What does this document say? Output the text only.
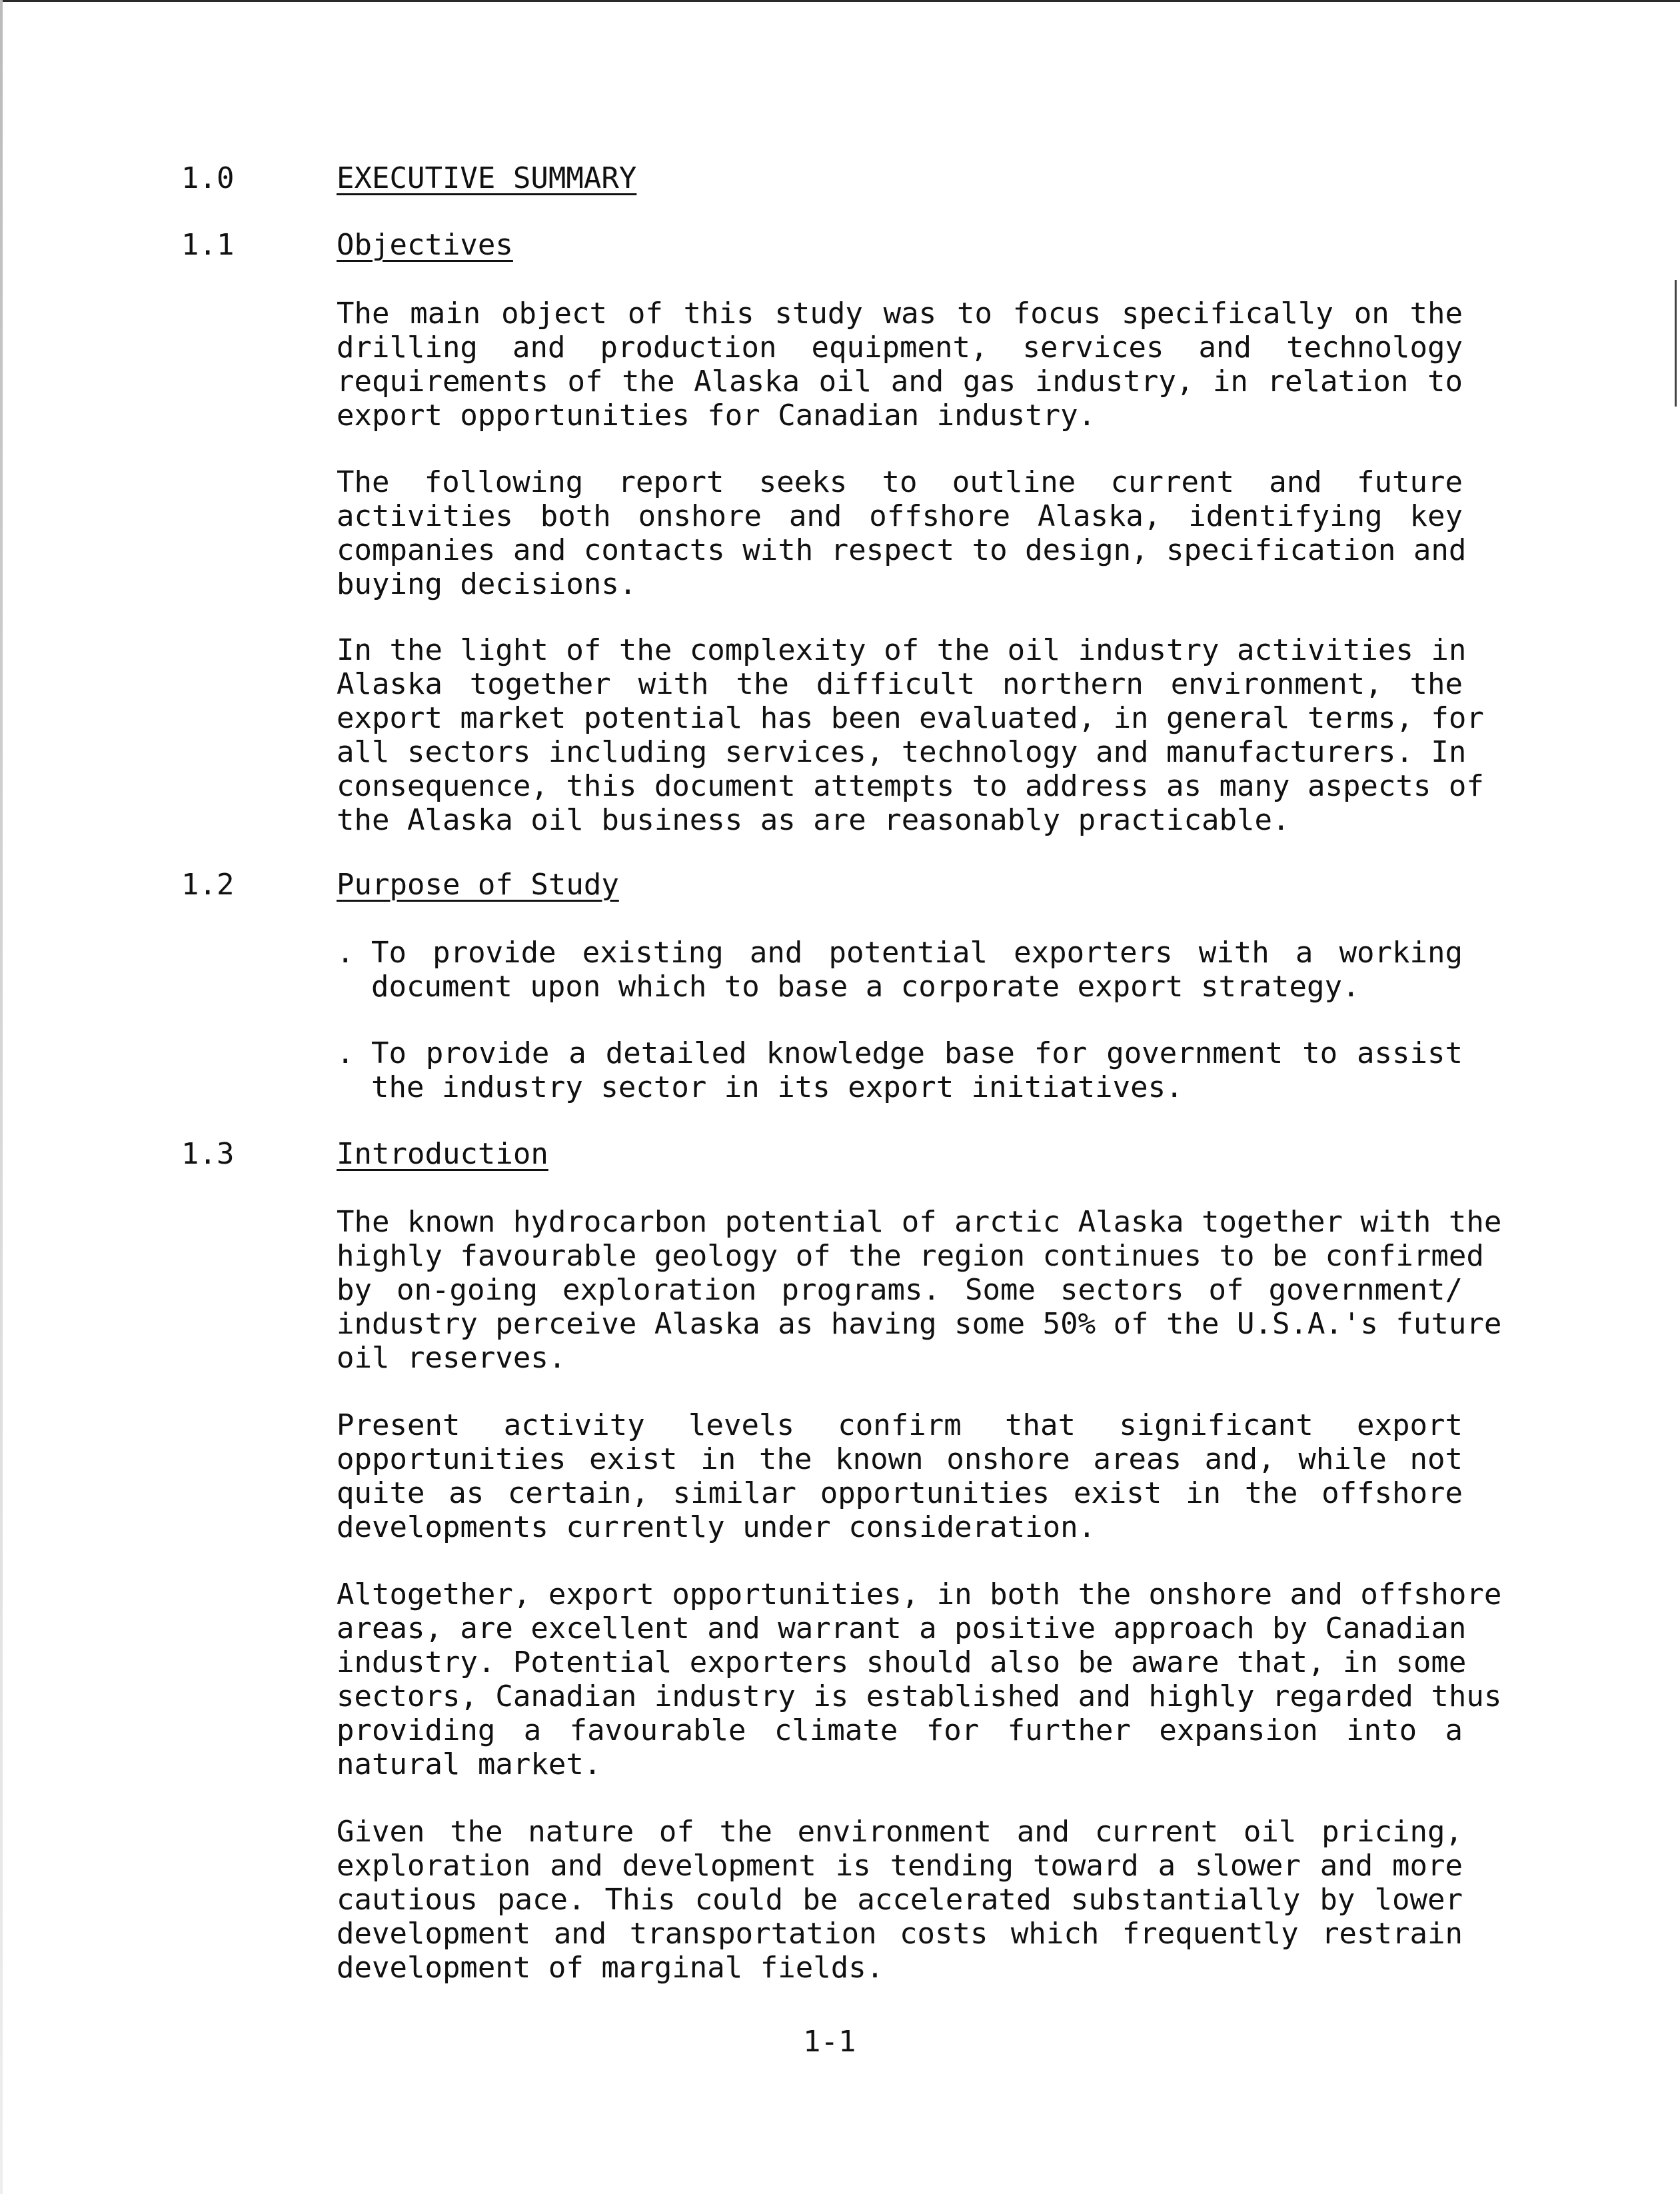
1.0	EXECUTIVE SUMMARY
1.1	Objectives
The main object of this study was to focus specifically on the
drilling and production equipment, services and technology
requirements of the Alaska oil and gas industry, in relation to
export opportunities for Canadian industry.
The following report seeks to outline current and future
activities both onshore and offshore Alaska, identifying key
companies and contacts with respect to design, specification and
buying decisions.
In the light of the complexity of the oil industry activities in
Alaska together with the difficult northern environment, the
export market potential has been evaluated, in general terms, for
all sectors including services, technology and manufacturers. In
consequence, this document attempts to address as many aspects of
the Alaska oil business as are reasonably practicable.
1.2	Purpose of Study
. To provide existing and potential exporters with a working
document upon which to base a corporate export strategy.
. To provide a detailed knowledge base for government to assist
the industry sector in its export initiatives.
1.3	Introduction
The known hydrocarbon potential of arctic Alaska together with the
highly favourable geology of the region continues to be confirmed
by on-going exploration programs. Some sectors of government/
industry perceive Alaska as having some 50% of the U.S.A.'s future
oil reserves.
Present activity levels confirm that significant export
opportunities exist in the known onshore areas and, while not
quite as certain, similar opportunities exist in the offshore
developments currently under consideration.
Altogether, export opportunities, in both the onshore and offshore
areas, are excellent and warrant a positive approach by Canadian
industry. Potential exporters should also be aware that, in some
sectors, Canadian industry is established and highly regarded thus
providing a favourable climate for further expansion into a
natural market.
Given the nature of the environment and current oil pricing,
exploration and development is tending toward a slower and more
cautious pace. This could be accelerated substantially by lower
development and transportation costs which frequently restrain
development of marginal fields.
1-1
